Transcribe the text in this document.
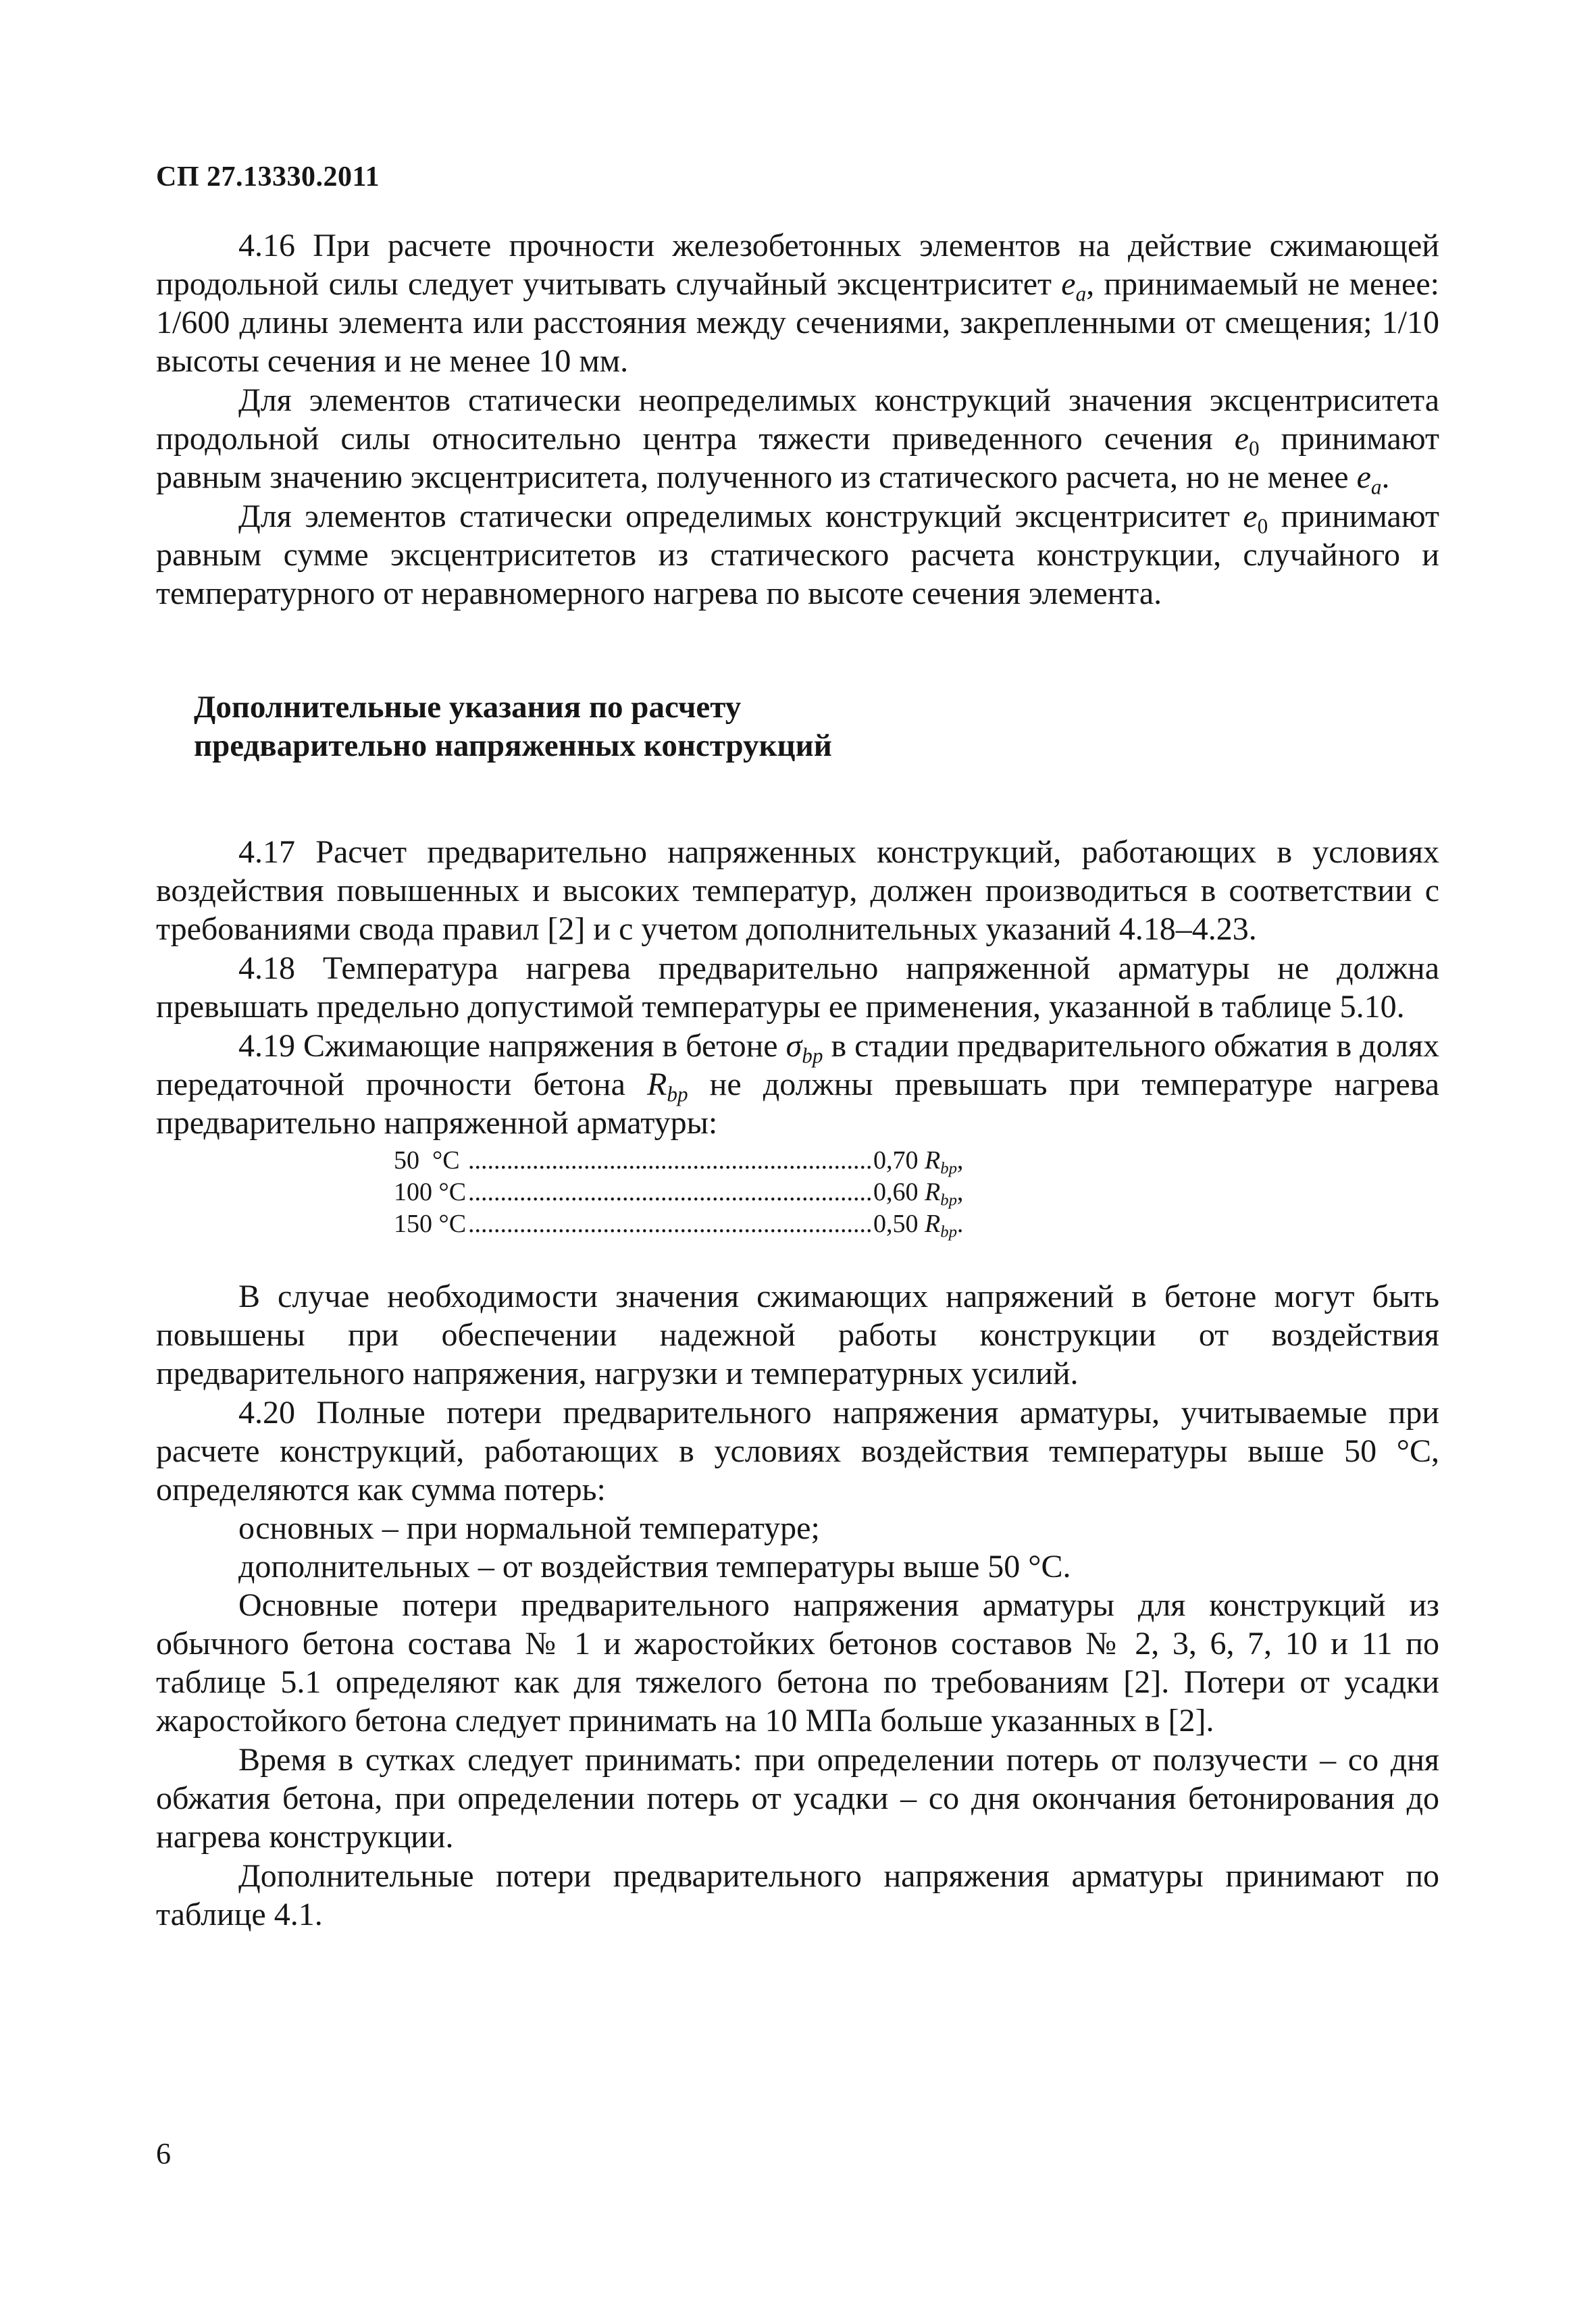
СП 27.13330.2011

4.16 При расчете прочности железобетонных элементов на действие сжимающей продольной силы следует учитывать случайный эксцентриситет $e_a$, принимаемый не менее: 1/600 длины элемента или расстояния между сечениями, закрепленными от смещения; 1/10 высоты сечения и не менее 10 мм.

Для элементов статически неопределимых конструкций значения эксцентриситета продольной силы относительно центра тяжести приведенного сечения $e_0$ принимают равным значению эксцентриситета, полученного из статического расчета, но не менее $e_a$.

Для элементов статически определимых конструкций эксцентриситет $e_0$ принимают равным сумме эксцентриситетов из статического расчета конструкции, случайного и температурного от неравномерного нагрева по высоте сечения элемента.

Дополнительные указания по расчету
предварительно напряженных конструкций

4.17 Расчет предварительно напряженных конструкций, работающих в условиях воздействия повышенных и высоких температур, должен производиться в соответствии с требованиями свода правил [2] и с учетом дополнительных указаний 4.18–4.23.

4.18 Температура нагрева предварительно напряженной арматуры не должна превышать предельно допустимой температуры ее применения, указанной в таблице 5.10.

4.19 Сжимающие напряжения в бетоне $\sigma_{bp}$ в стадии предварительного обжатия в долях передаточной прочности бетона $R_{bp}$ не должны превышать при температуре нагрева предварительно напряженной арматуры:

50  °C .....	0,70 $R_{bp}$,
100 °C .....	0,60 $R_{bp}$,
150 °C .....	0,50 $R_{bp}$.

В случае необходимости значения сжимающих напряжений в бетоне могут быть повышены при обеспечении надежной работы конструкции от воздействия предварительного напряжения, нагрузки и температурных усилий.

4.20 Полные потери предварительного напряжения арматуры, учитываемые при расчете конструкций, работающих в условиях воздействия температуры выше 50 °С, определяются как сумма потерь:

основных – при нормальной температуре;

дополнительных – от воздействия температуры выше 50 °С.

Основные потери предварительного напряжения арматуры для конструкций из обычного бетона состава № 1 и жаростойких бетонов составов № 2, 3, 6, 7, 10 и 11 по таблице 5.1 определяют как для тяжелого бетона по требованиям [2]. Потери от усадки жаростойкого бетона следует принимать на 10 МПа больше указанных в [2].

Время в сутках следует принимать: при определении потерь от ползучести – со дня обжатия бетона, при определении потерь от усадки – со дня окончания бетонирования до нагрева конструкции.

Дополнительные потери предварительного напряжения арматуры принимают по таблице 4.1.

6
